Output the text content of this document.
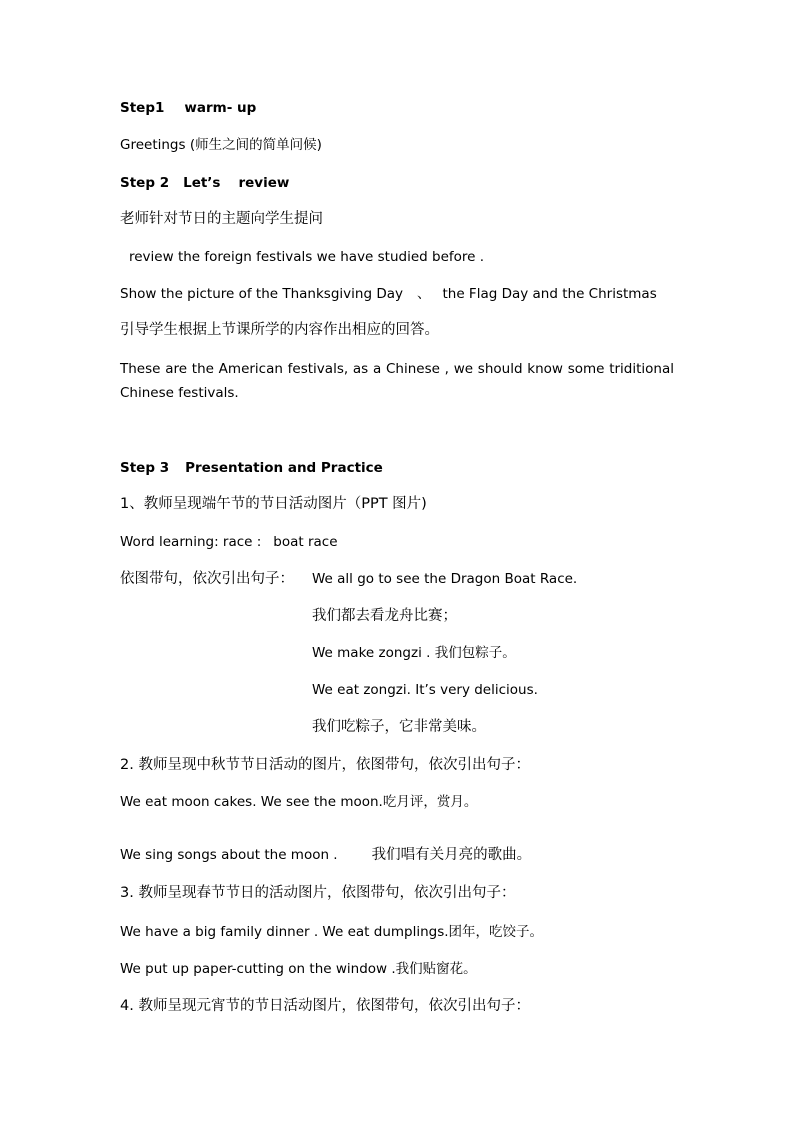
Step1 warm- up
Greetings (师生之间的简单问候)
Step 2 Let’s review
老师针对节日的主题向学生提问
review the foreign festivals we have studied before .
Show the picture of the Thanksgiving Day 、 the Flag Day and the Christmas
引导学生根据上节课所学的内容作出相应的回答。
These are the American festivals, as a Chinese , we should know some triditional Chinese festivals.
Step 3 Presentation and Practice
1、教师呈现端午节的节日活动图片（PPT 图片)
Word learning: race : boat race
依图带句，依次引出句子： We all go to see the Dragon Boat Race.
我们都去看龙舟比赛；
We make zongzi . 我们包粽子。
We eat zongzi. It’s very delicious.
我们吃粽子，它非常美味。
2. 教师呈现中秋节节日活动的图片，依图带句，依次引出句子：
We eat moon cakes. We see the moon.吃月评，赏月。
We sing songs about the moon . 我们唱有关月亮的歌曲。
3. 教师呈现春节节日的活动图片，依图带句，依次引出句子：
We have a big family dinner . We eat dumplings.团年，吃饺子。
We put up paper-cutting on the window .我们贴窗花。
4. 教师呈现元宵节的节日活动图片，依图带句，依次引出句子：
